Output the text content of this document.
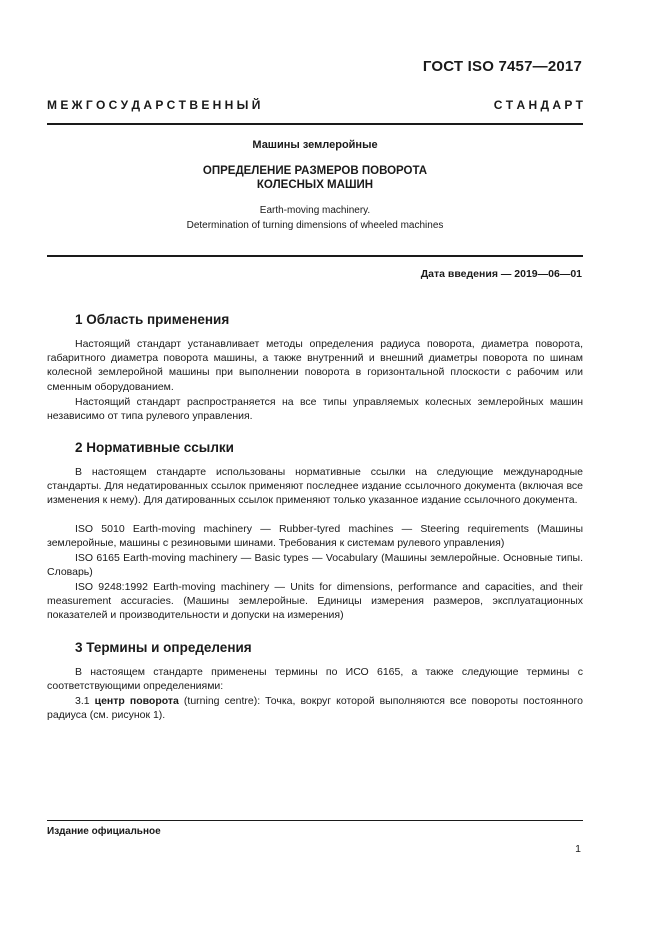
ГОСТ ISO 7457—2017
М Е Ж Г О С У Д А Р С Т В Е Н Н Ы Й	С Т А Н Д А Р Т
Машины землеройные
ОПРЕДЕЛЕНИЕ РАЗМЕРОВ ПОВОРОТА
КОЛЕСНЫХ МАШИН
Earth-moving machinery.
Determination of turning dimensions of wheeled machines
Дата введения — 2019—06—01
1 Область применения
Настоящий стандарт устанавливает методы определения радиуса поворота, диаметра поворота, габаритного диаметра поворота машины, а также внутренний и внешний диаметры поворота по шинам колесной землеройной машины при выполнении поворота в горизонтальной плоскости с рабочим или сменным оборудованием.
Настоящий стандарт распространяется на все типы управляемых колесных землеройных машин независимо от типа рулевого управления.
2 Нормативные ссылки
В настоящем стандарте использованы нормативные ссылки на следующие международные стандарты. Для недатированных ссылок применяют последнее издание ссылочного документа (включая все изменения к нему). Для датированных ссылок применяют только указанное издание ссылочного документа.
ISO 5010 Earth-moving machinery — Rubber-tyred machines — Steering requirements (Машины землеройные, машины с резиновыми шинами. Требования к системам рулевого управления)
ISO 6165 Earth-moving machinery — Basic types — Vocabulary (Машины землеройные. Основные типы. Словарь)
ISO 9248:1992 Earth-moving machinery — Units for dimensions, performance and capacities, and their measurement accuracies. (Машины землеройные. Единицы измерения размеров, эксплуатационных показателей и производительности и допуски на измерения)
3 Термины и определения
В настоящем стандарте применены термины по ИСО 6165, а также следующие термины с соответствующими определениями:
3.1 центр поворота (turning centre): Точка, вокруг которой выполняются все повороты постоянного радиуса (см. рисунок 1).
Издание официальное
1
